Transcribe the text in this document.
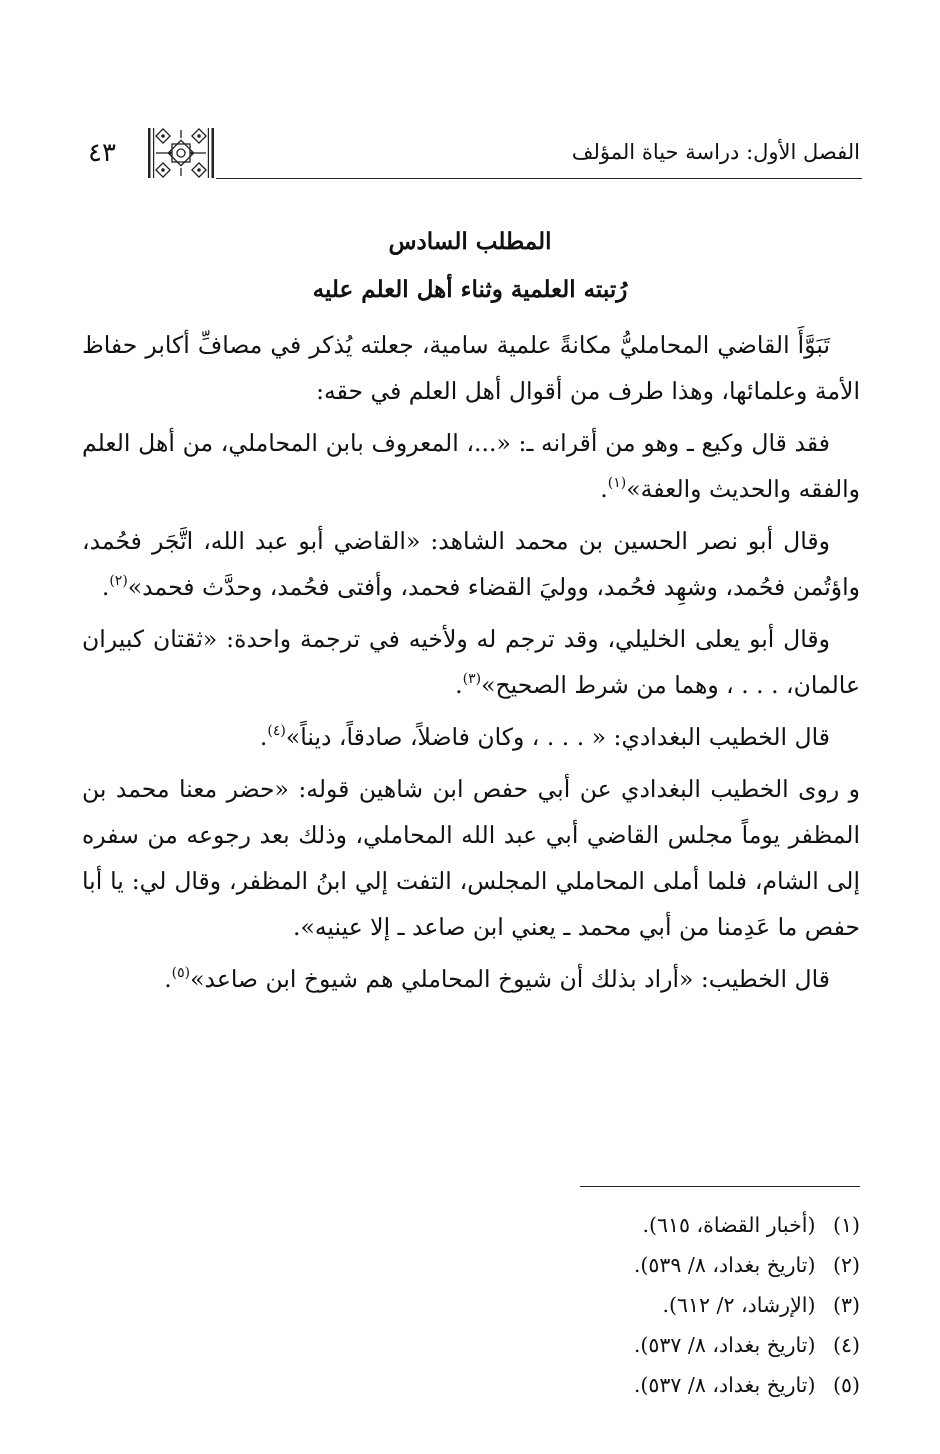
الفصل الأول: دراسة حياة المؤلف
٤٣
المطلب السادس
رُتبته العلمية وثناء أهل العلم عليه

تَبَوَّأَ القاضي المحامليُّ مكانةً علمية سامية، جعلته يُذكر في مصافِّ أكابر حفاظ الأمة وعلمائها، وهذا طرف من أقوال أهل العلم في حقه:

فقد قال وكيع ـ وهو من أقرانه ـ: «...، المعروف بابن المحاملي، من أهل العلم والفقه والحديث والعفة»$^{(١)}$.

وقال أبو نصر الحسين بن محمد الشاهد: «القاضي أبو عبد الله، اتَّجَر فحُمد، واؤتُمن فحُمد، وشهِد فحُمد، ووليَ القضاء فحمد، وأفتى فحُمد، وحدَّث فحمد»$^{(٢)}$.

وقال أبو يعلى الخليلي، وقد ترجم له ولأخيه في ترجمة واحدة: «ثقتان كبيران عالمان، . . . ، وهما من شرط الصحيح»$^{(٣)}$.

قال الخطيب البغدادي: « . . . ، وكان فاضلاً، صادقاً، ديناً»$^{(٤)}$.

و روى الخطيب البغدادي عن أبي حفص ابن شاهين قوله: «حضر معنا محمد بن المظفر يوماً مجلس القاضي أبي عبد الله المحاملي، وذلك بعد رجوعه من سفره إلى الشام، فلما أملى المحاملي المجلس، التفت إلي ابنُ المظفر، وقال لي: يا أبا حفص ما عَدِمنا من أبي محمد ـ يعني ابن صاعد ـ إلا عينيه».

قال الخطيب: «أراد بذلك أن شيوخ المحاملي هم شيوخ ابن صاعد»$^{(٥)}$.

(١) (أخبار القضاة، ٦١٥).
(٢) (تاريخ بغداد، ٨/ ٥٣٩).
(٣) (الإرشاد، ٢/ ٦١٢).
(٤) (تاريخ بغداد، ٨/ ٥٣٧).
(٥) (تاريخ بغداد، ٨/ ٥٣٧).
